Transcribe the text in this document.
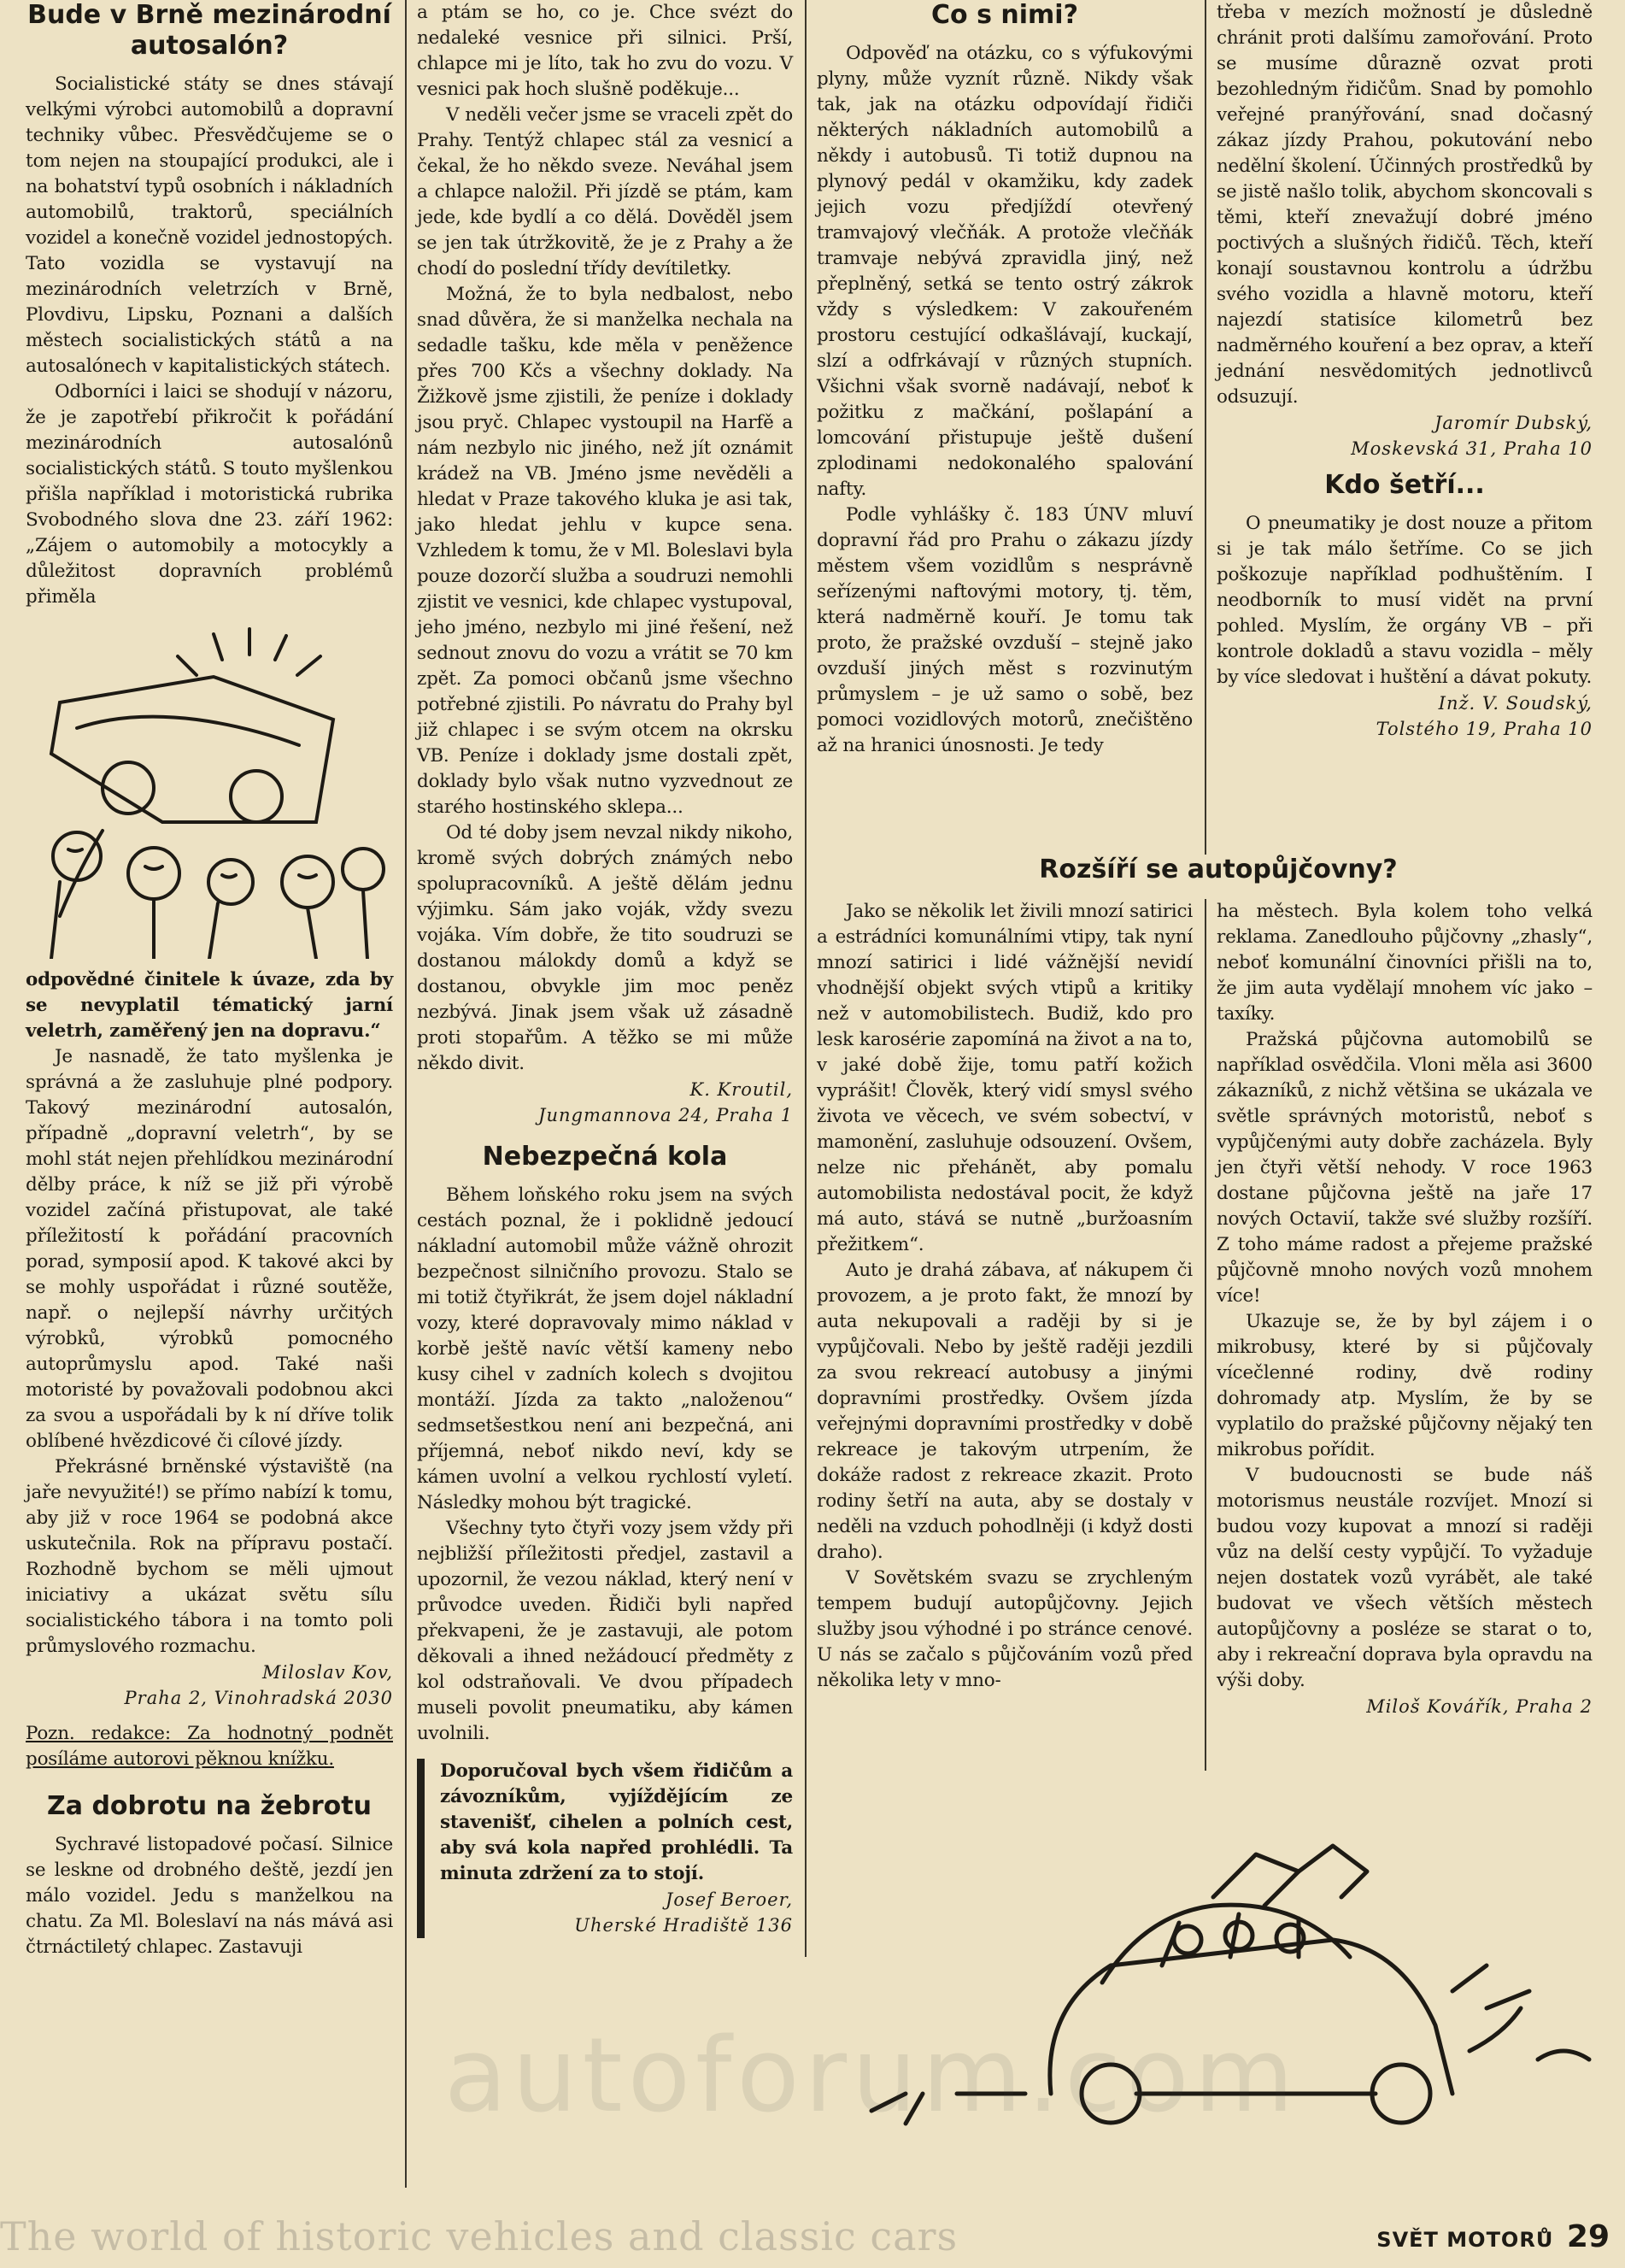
Bude v Brně mezinárodní autosalón?

Socialistické státy se dnes stávají velkými výrobci automobilů a dopravní techniky vůbec. Přesvědčujeme se o tom nejen na stoupající produkci, ale i na bohatství typů osobních i nákladních automobilů, traktorů, speciálních vozidel a konečně vozidel jednostopých. Tato vozidla se vystavují na mezinárodních veletrzích v Brně, Plovdivu, Lipsku, Poznani a dalších městech socialistických států a na autosalónech v kapitalistických státech.

Odborníci i laici se shodují v názoru, že je zapotřebí přikročit k pořádání mezinárodních autosalónů socialistických států. S touto myšlenkou přišla například i motoristická rubrika Svobodného slova dne 23. září 1962: „Zájem o automobily a motocykly a důležitost dopravních problémů přiměla

odpovědné činitele k úvaze, zda by se nevyplatil tématický jarní veletrh, zaměřený jen na dopravu.“

Je nasnadě, že tato myšlenka je správná a že zasluhuje plné podpory. Takový mezinárodní autosalón, případně „dopravní veletrh“, by se mohl stát nejen přehlídkou mezinárodní dělby práce, k níž se již při výrobě vozidel začíná přistupovat, ale také příležitostí k pořádání pracovních porad, symposií apod. K takové akci by se mohly uspořádat i různé soutěže, např. o nejlepší návrhy určitých výrobků, výrobků pomocného autoprůmyslu apod. Také naši motoristé by považovali podobnou akci za svou a uspořádali by k ní dříve tolik oblíbené hvězdicové či cílové jízdy.

Překrásné brněnské výstaviště (na jaře nevyužité!) se přímo nabízí k tomu, aby již v roce 1964 se podobná akce uskutečnila. Rok na přípravu postačí. Rozhodně bychom se měli ujmout iniciativy a ukázat světu sílu socialistického tábora i na tomto poli průmyslového rozmachu.

Miloslav Kov,

Praha 2, Vinohradská 2030

Pozn. redakce: Za hodnotný podnět posíláme autorovi pěknou knížku.

Za dobrotu na žebrotu

Sychravé listopadové počasí. Silnice se leskne od drobného deště, jezdí jen málo vozidel. Jedu s manželkou na chatu. Za Ml. Boleslaví na nás mává asi čtrnáctiletý chlapec. Zastavuji

a ptám se ho, co je. Chce svézt do nedaleké vesnice při silnici. Prší, chlapce mi je líto, tak ho zvu do vozu. V vesnici pak hoch slušně poděkuje...

V neděli večer jsme se vraceli zpět do Prahy. Tentýž chlapec stál za vesnicí a čekal, že ho někdo sveze. Neváhal jsem a chlapce naložil. Při jízdě se ptám, kam jede, kde bydlí a co dělá. Dověděl jsem se jen tak útržkovitě, že je z Prahy a že chodí do poslední třídy devítiletky.

Možná, že to byla nedbalost, nebo snad důvěra, že si manželka nechala na sedadle tašku, kde měla v peněžence přes 700 Kčs a všechny doklady. Na Žižkově jsme zjistili, že peníze i doklady jsou pryč. Chlapec vystoupil na Harfě a nám nezbylo nic jiného, než jít oznámit krádež na VB. Jméno jsme nevěděli a hledat v Praze takového kluka je asi tak, jako hledat jehlu v kupce sena. Vzhledem k tomu, že v Ml. Boleslavi byla pouze dozorčí služba a soudruzi nemohli zjistit ve vesnici, kde chlapec vystupoval, jeho jméno, nezbylo mi jiné řešení, než sednout znovu do vozu a vrátit se 70 km zpět. Za pomoci občanů jsme všechno potřebné zjistili. Po návratu do Prahy byl již chlapec i se svým otcem na okrsku VB. Peníze i doklady jsme dostali zpět, doklady bylo však nutno vyzvednout ze starého hostinského sklepa...

Od té doby jsem nevzal nikdy nikoho, kromě svých dobrých známých nebo spolupracovníků. A ještě dělám jednu výjimku. Sám jako voják, vždy svezu vojáka. Vím dobře, že tito soudruzi se dostanou málokdy domů a když se dostanou, obvykle jim moc peněz nezbývá. Jinak jsem však už zásadně proti stopařům. A těžko se mi může někdo divit.

K. Kroutil,

Jungmannova 24, Praha 1

Nebezpečná kola

Během loňského roku jsem na svých cestách poznal, že i poklidně jedoucí nákladní automobil může vážně ohrozit bezpečnost silničního provozu. Stalo se mi totiž čtyřikrát, že jsem dojel nákladní vozy, které dopravovaly mimo náklad v korbě ještě navíc větší kameny nebo kusy cihel v zadních kolech s dvojitou montáží. Jízda za takto „naloženou“ sedmsetšestkou není ani bezpečná, ani příjemná, neboť nikdo neví, kdy se kámen uvolní a velkou rychlostí vyletí. Následky mohou být tragické.

Všechny tyto čtyři vozy jsem vždy při nejbližší příležitosti předjel, zastavil a upozornil, že vezou náklad, který není v průvodce uveden. Řidiči byli napřed překvapeni, že je zastavuji, ale potom děkovali a ihned nežádoucí předměty z kol odstraňovali. Ve dvou případech museli povolit pneumatiku, aby kámen uvolnili.

Doporučoval bych všem řidičům a závozníkům, vyjíždějícím ze stavenišť, cihelen a polních cest, aby svá kola napřed prohlédli. Ta minuta zdržení za to stojí.

Josef Beroer,

Uherské Hradiště 136

Co s nimi?

Odpověď na otázku, co s výfukovými plyny, může vyznít různě. Nikdy však tak, jak na otázku odpovídají řidiči některých nákladních automobilů a někdy i autobusů. Ti totiž dupnou na plynový pedál v okamžiku, kdy zadek jejich vozu předjíždí otevřený tramvajový vlečňák. A protože vlečňák tramvaje nebývá zpravidla jiný, než přeplněný, setká se tento ostrý zákrok vždy s výsledkem: V zakouřeném prostoru cestující odkašlávají, kuckají, slzí a odfrkávají v různých stupních. Všichni však svorně nadávají, neboť k požitku z mačkání, pošlapání a lomcování přistupuje ještě dušení zplodinami nedokonalého spalování nafty.

Podle vyhlášky č. 183 ÚNV mluví dopravní řád pro Prahu o zákazu jízdy městem všem vozidlům s nesprávně seřízenými naftovými motory, tj. těm, která nadměrně kouří. Je tomu tak proto, že pražské ovzduší – stejně jako ovzduší jiných měst s rozvinutým průmyslem – je už samo o sobě, bez pomoci vozidlových motorů, znečištěno až na hranici únosnosti. Je tedy

třeba v mezích možností je důsledně chránit proti dalšímu zamořování. Proto se musíme důrazně ozvat proti bezohledným řidičům. Snad by pomohlo veřejné pranýřování, snad dočasný zákaz jízdy Prahou, pokutování nebo nedělní školení. Účinných prostředků by se jistě našlo tolik, abychom skoncovali s těmi, kteří znevažují dobré jméno poctivých a slušných řidičů. Těch, kteří konají soustavnou kontrolu a údržbu svého vozidla a hlavně motoru, kteří najezdí statisíce kilometrů bez nadměrného kouření a bez oprav, a kteří jednání nesvědomitých jednotlivců odsuzují.

Jaromír Dubský,

Moskevská 31, Praha 10

Kdo šetří...

O pneumatiky je dost nouze a přitom si je tak málo šetříme. Co se jich poškozuje například podhuštěním. I neodborník to musí vidět na první pohled. Myslím, že orgány VB – při kontrole dokladů a stavu vozidla – měly by více sledovat i huštění a dávat pokuty.

Inž. V. Soudský,

Tolstého 19, Praha 10

Rozšíří se autopůjčovny?

Jako se několik let živili mnozí satirici a estrádníci komunálními vtipy, tak nyní mnozí satirici i lidé vážnější nevidí vhodnější objekt svých vtipů a kritiky než v automobilistech. Budiž, kdo pro lesk karosérie zapomíná na život a na to, v jaké době žije, tomu patří kožich vyprášit! Člověk, který vidí smysl svého života ve věcech, ve svém sobectví, v mamonění, zasluhuje odsouzení. Ovšem, nelze nic přehánět, aby pomalu automobilista nedostával pocit, že když má auto, stává se nutně „buržoasním přežitkem“.

Auto je drahá zábava, ať nákupem či provozem, a je proto fakt, že mnozí by auta nekupovali a raději by si je vypůjčovali. Nebo by ještě raději jezdili za svou rekreací autobusy a jinými dopravními prostředky. Ovšem jízda veřejnými dopravními prostředky v době rekreace je takovým utrpením, že dokáže radost z rekreace zkazit. Proto rodiny šetří na auta, aby se dostaly v neděli na vzduch pohodlněji (i když dosti draho).

V Sovětském svazu se zrychleným tempem budují autopůjčovny. Jejich služby jsou výhodné i po stránce cenové. U nás se začalo s půjčováním vozů před několika lety v mno-

ha městech. Byla kolem toho velká reklama. Zanedlouho půjčovny „zhasly“, neboť komunální činovníci přišli na to, že jim auta vydělají mnohem víc jako – taxíky.

Pražská půjčovna automobilů se například osvědčila. Vloni měla asi 3600 zákazníků, z nichž většina se ukázala ve světle správných motoristů, neboť s vypůjčenými auty dobře zacházela. Byly jen čtyři větší nehody. V roce 1963 dostane půjčovna ještě na jaře 17 nových Octavií, takže své služby rozšíří. Z toho máme radost a přejeme pražské půjčovně mnoho nových vozů mnohem více!

Ukazuje se, že by byl zájem i o mikrobusy, které by si půjčovaly vícečlenné rodiny, dvě rodiny dohromady atp. Myslím, že by se vyplatilo do pražské půjčovny nějaký ten mikrobus pořídit.

V budoucnosti se bude náš motorismus neustále rozvíjet. Mnozí si budou vozy kupovat a mnozí si raději vůz na delší cesty vypůjčí. To vyžaduje nejen dostatek vozů vyrábět, ale také budovat ve všech větších městech autopůjčovny a posléze se starat o to, aby i rekreační doprava byla opravdu na výši doby.

Miloš Kovářík, Praha 2

autoforum.com
The world of historic vehicles and classic cars	SVĚT MOTORŮ 29
